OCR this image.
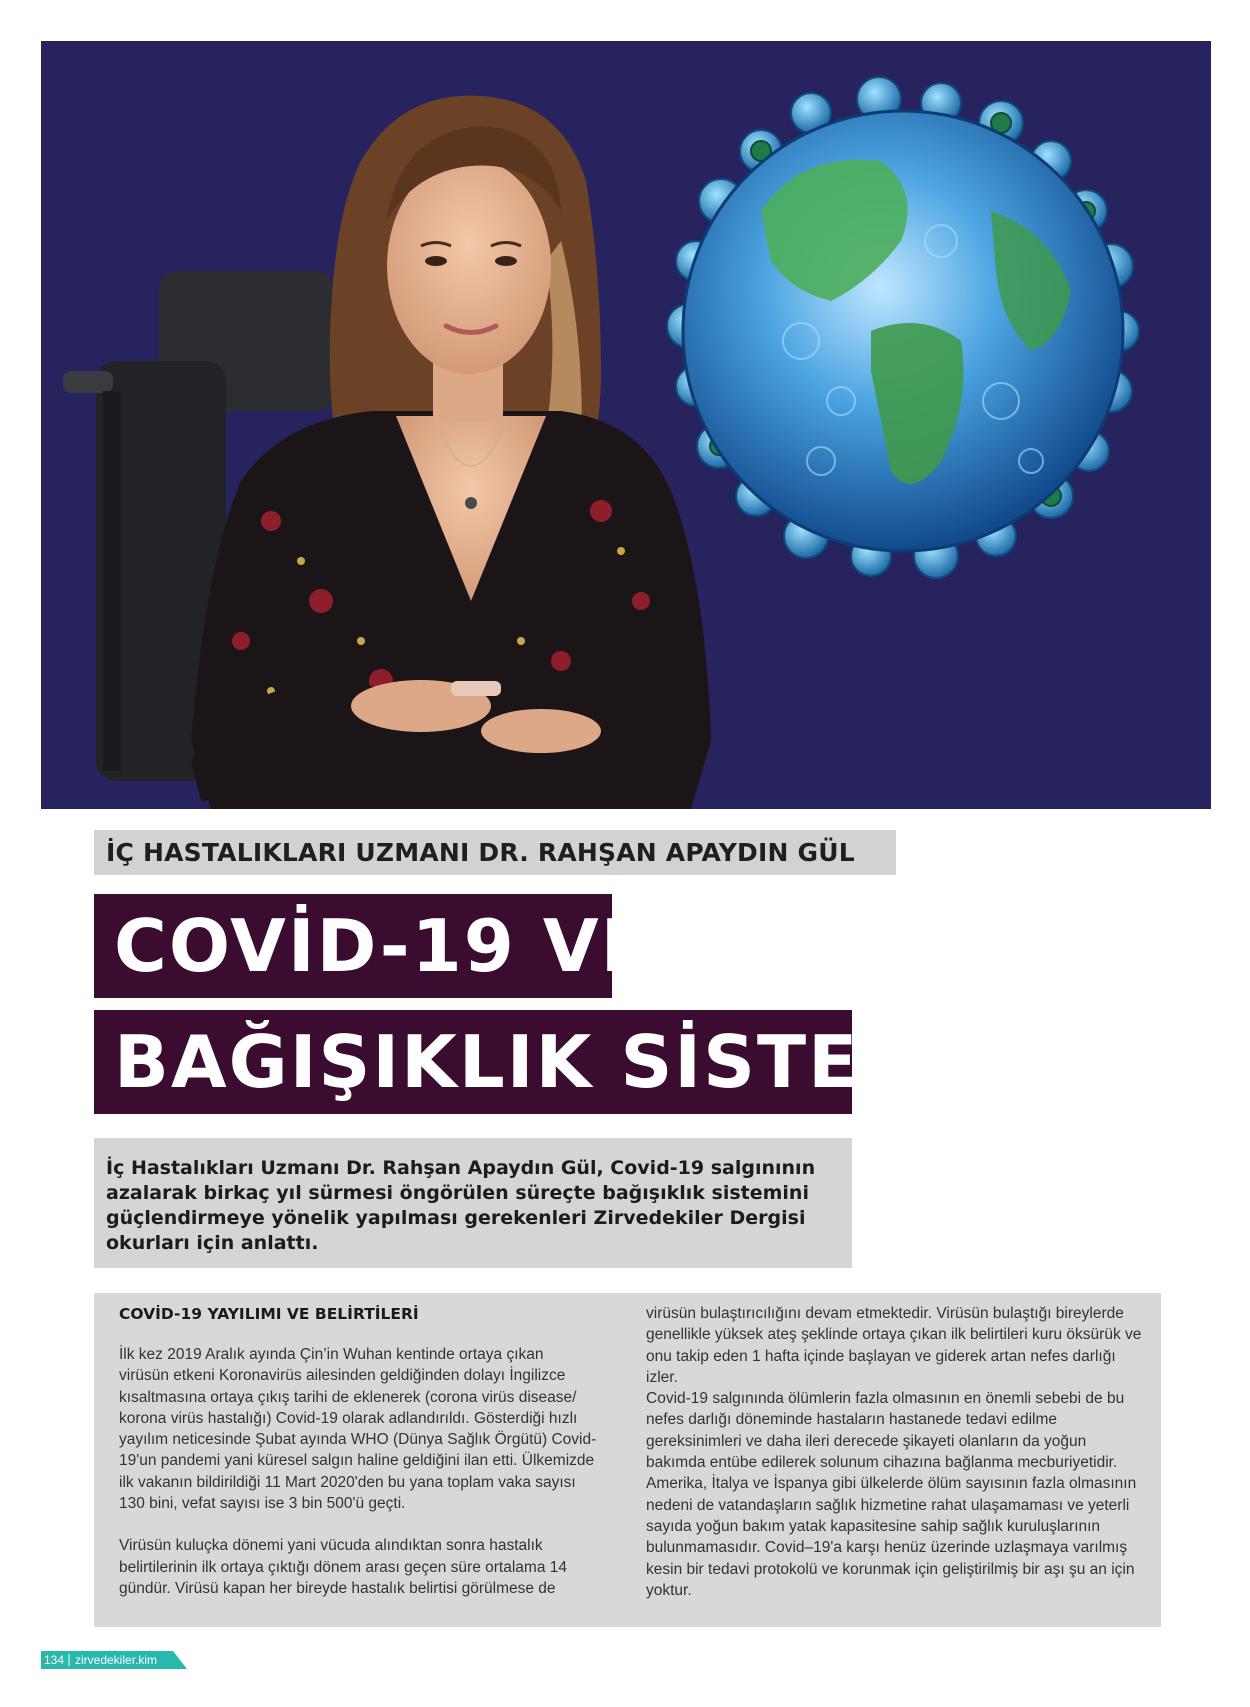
İÇ HASTALIKLARI UZMANI DR. RAHŞAN APAYDIN GÜL
COVİD-19 VE
BAĞIŞIKLIK SİSTEMİ
İç Hastalıkları Uzmanı Dr. Rahşan Apaydın Gül, Covid-19 salgınının azalarak birkaç yıl sürmesi öngörülen süreçte bağışıklık sistemini güçlendirmeye yönelik yapılması gerekenleri Zirvedekiler Dergisi okurları için anlattı.
COVİD-19 YAYILIMI VE BELİRTİLERİ

İlk kez 2019 Aralık ayında Çin’in Wuhan kentinde ortaya çıkan virüsün etkeni Koronavirüs ailesinden geldiğinden dolayı İngilizce kısaltmasına ortaya çıkış tarihi de eklenerek (corona virüs disease/ korona virüs hastalığı) Covid-19 olarak adlandırıldı. Gösterdiği hızlı yayılım neticesinde Şubat ayında WHO (Dünya Sağlık Örgütü) Covid-19'un pandemi yani küresel salgın haline geldiğini ilan etti. Ülkemizde ilk vakanın bildirildiği 11 Mart 2020'den bu yana toplam vaka sayısı 130 bini, vefat sayısı ise 3 bin 500'ü geçti.

Virüsün kuluçka dönemi yani vücuda alındıktan sonra hastalık belirtilerinin ilk ortaya çıktığı dönem arası geçen süre ortalama 14 gündür. Virüsü kapan her bireyde hastalık belirtisi görülmese de

virüsün bulaştırıcılığını devam etmektedir. Virüsün bulaştığı bireylerde genellikle yüksek ateş şeklinde ortaya çıkan ilk belirtileri kuru öksürük ve onu takip eden 1 hafta içinde başlayan ve giderek artan nefes darlığı izler.

Covid-19 salgınında ölümlerin fazla olmasının en önemli sebebi de bu nefes darlığı döneminde hastaların hastanede tedavi edilme gereksinimleri ve daha ileri derecede şikayeti olanların da yoğun bakımda entübe edilerek solunum cihazına bağlanma mecburiyetidir. Amerika, İtalya ve İspanya gibi ülkelerde ölüm sayısının fazla olmasının nedeni de vatandaşların sağlık hizmetine rahat ulaşamaması ve yeterli sayıda yoğun bakım yatak kapasitesine sahip sağlık kuruluşlarının bulunmamasıdır. Covid–19'a karşı henüz üzerinde uzlaşmaya varılmış kesin bir tedavi protokolü ve korunmak için geliştirilmiş bir aşı şu an için yoktur.

134 zirvedekiler.kim
